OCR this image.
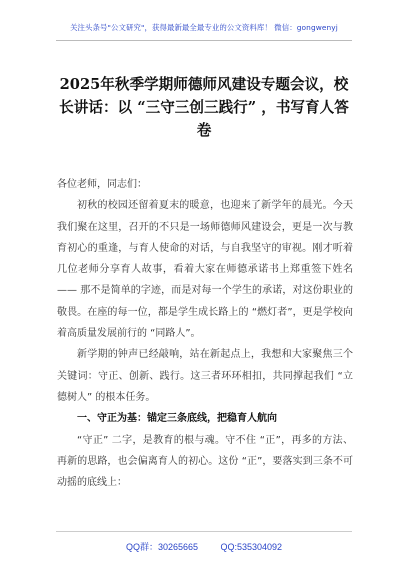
关注头条号"公文研究"，获得最新最全最专业的公文资料库！ 微信：gongwenyj
2025年秋季学期师德师风建设专题会议，校长讲话：以 “三守三创三践行” ，书写育人答卷

各位老师，同志们：

初秋的校园还留着夏末的暖意，也迎来了新学年的晨光。今天我们聚在这里，召开的不只是一场师德师风建设会，更是一次与教育初心的重逢，与育人使命的对话，与自我坚守的审视。刚才听着几位老师分享育人故事，看着大家在师德承诺书上郑重签下姓名 —— 那不是简单的字迹，而是对每一个学生的承诺，对这份职业的敬畏。在座的每一位，都是学生成长路上的 “燃灯者”，更是学校向着高质量发展前行的 “同路人”。

新学期的钟声已经敲响，站在新起点上，我想和大家聚焦三个关键词：守正、创新、践行。这三者环环相扣，共同撑起我们 “立德树人” 的根本任务。

一、守正为基：锚定三条底线，把稳育人航向

“守正” 二字，是教育的根与魂。守不住 “正”，再多的方法、再新的思路，也会偏离育人的初心。这份 “正”，要落实到三条不可动摇的底线上：

QQ群：30265665	QQ:535304092
